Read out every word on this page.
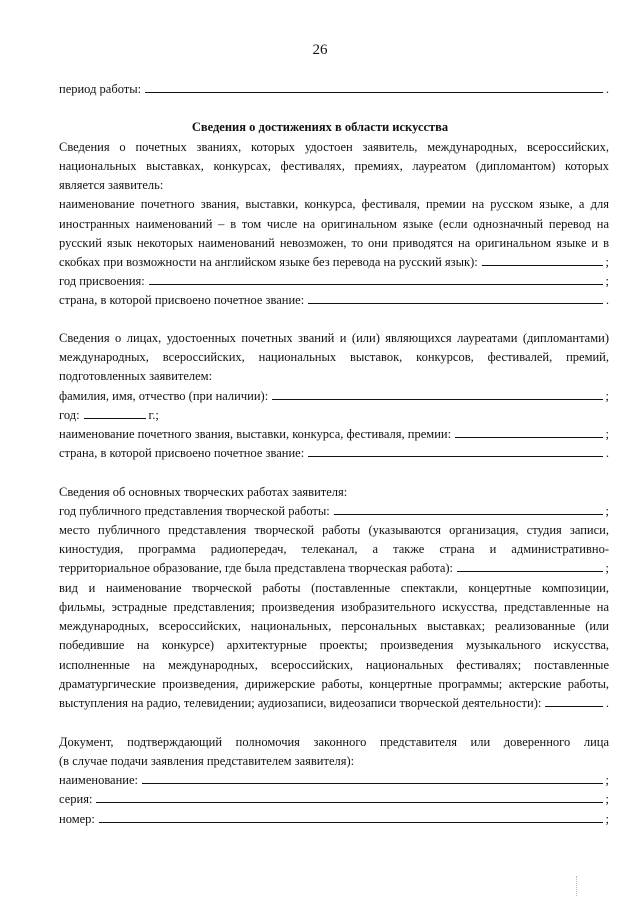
26
период работы:	.
Сведения о достижениях в области искусства
Сведения о почетных званиях, которых удостоен заявитель, международных, всероссийских,
национальных выставках, конкурсах, фестивалях, премиях, лауреатом (дипломантом) которых
является заявитель:
наименование почетного звания, выставки, конкурса, фестиваля, премии на русском языке, а для
иностранных наименований – в том числе на оригинальном языке (если однозначный перевод на
русский язык некоторых наименований невозможен, то они приводятся на оригинальном языке и в
скобках при возможности на английском языке без перевода на русский язык):	;
год присвоения:	;
страна, в которой присвоено почетное звание:	.
Сведения о лицах, удостоенных почетных званий и (или) являющихся лауреатами (дипломантами)
международных, всероссийских, национальных выставок, конкурсов, фестивалей, премий,
подготовленных заявителем:
фамилия, имя, отчество (при наличии):	;
год:	г.;
наименование почетного звания, выставки, конкурса, фестиваля, премии:	;
страна, в которой присвоено почетное звание:	.
Сведения об основных творческих работах заявителя:
год публичного представления творческой работы:	;
место публичного представления творческой работы (указываются организация, студия записи,
киностудия, программа радиопередач, телеканал, а также страна и административно-
территориальное образование, где была представлена творческая работа):	;
вид и наименование творческой работы (поставленные спектакли, концертные композиции,
фильмы, эстрадные представления; произведения изобразительного искусства, представленные на
международных, всероссийских, национальных, персональных выставках; реализованные (или
победившие на конкурсе) архитектурные проекты; произведения музыкального искусства,
исполненные на международных, всероссийских, национальных фестивалях; поставленные
драматургические произведения, дирижерские работы, концертные программы; актерские работы,
выступления на радио, телевидении; аудиозаписи, видеозаписи творческой деятельности):	.
Документ, подтверждающий полномочия законного представителя или доверенного лица
(в случае подачи заявления представителем заявителя):
наименование:	;
серия:	;
номер:	;
